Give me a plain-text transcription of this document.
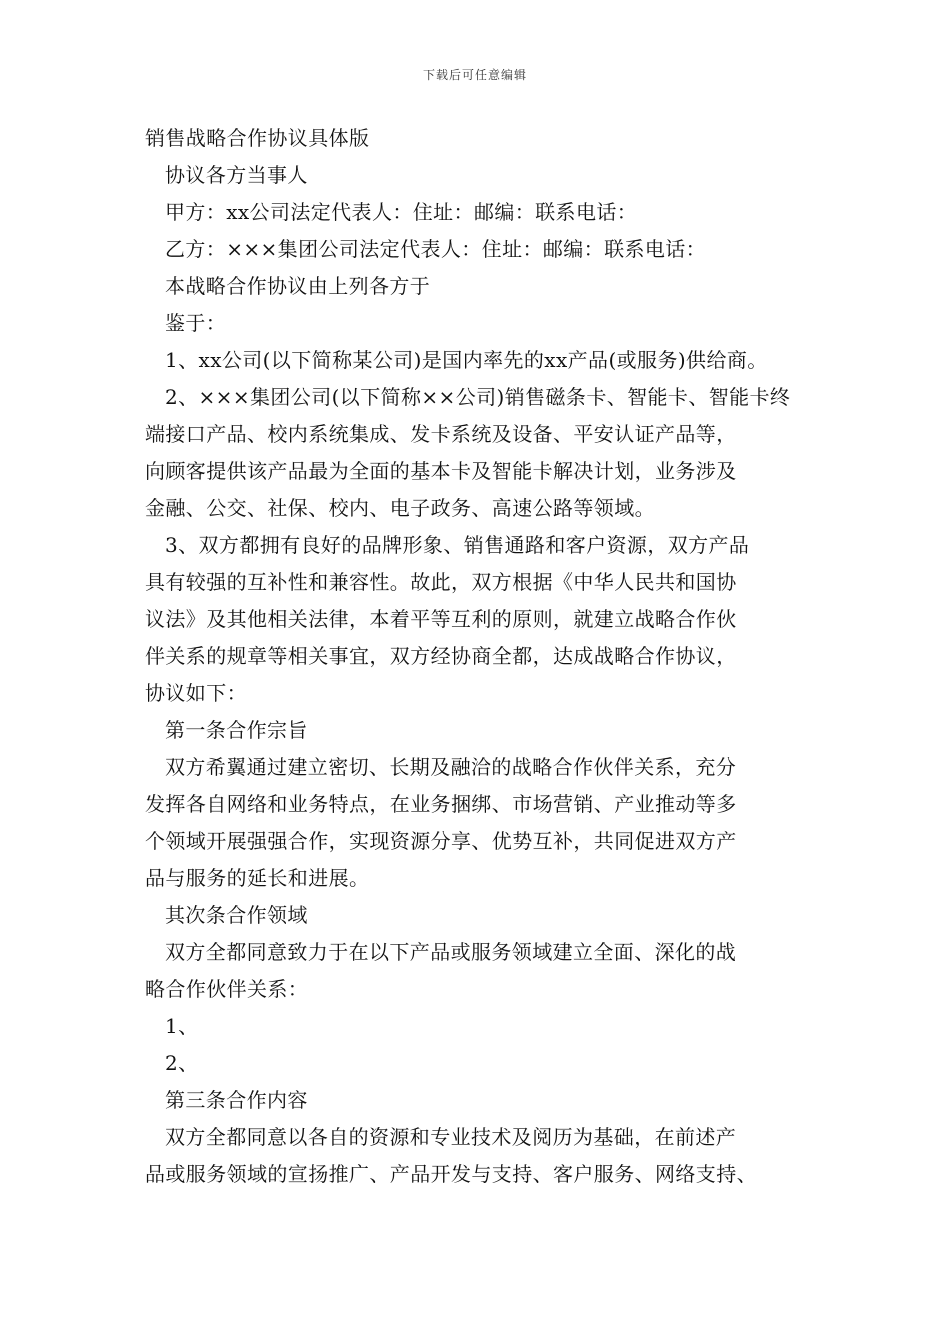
下载后可任意编辑
销售战略合作协议具体版
协议各方当事人
甲方：xx公司法定代表人：住址：邮编：联系电话：
乙方：×××集团公司法定代表人：住址：邮编：联系电话：
本战略合作协议由上列各方于
鉴于：
1、xx公司(以下简称某公司)是国内率先的xx产品(或服务)供给商。
2、×××集团公司(以下简称××公司)销售磁条卡、智能卡、智能卡终
端接口产品、校内系统集成、发卡系统及设备、平安认证产品等，
向顾客提供该产品最为全面的基本卡及智能卡解决计划，业务涉及
金融、公交、社保、校内、电子政务、高速公路等领域。
3、双方都拥有良好的品牌形象、销售通路和客户资源，双方产品
具有较强的互补性和兼容性。故此，双方根据《中华人民共和国协
议法》及其他相关法律，本着平等互利的原则，就建立战略合作伙
伴关系的规章等相关事宜，双方经协商全都，达成战略合作协议，
协议如下：
第一条合作宗旨
双方希翼通过建立密切、长期及融洽的战略合作伙伴关系，充分
发挥各自网络和业务特点，在业务捆绑、市场营销、产业推动等多
个领域开展强强合作，实现资源分享、优势互补，共同促进双方产
品与服务的延长和进展。
其次条合作领域
双方全都同意致力于在以下产品或服务领域建立全面、深化的战
略合作伙伴关系：
1、
2、
第三条合作内容
双方全都同意以各自的资源和专业技术及阅历为基础，在前述产
品或服务领域的宣扬推广、产品开发与支持、客户服务、网络支持、
